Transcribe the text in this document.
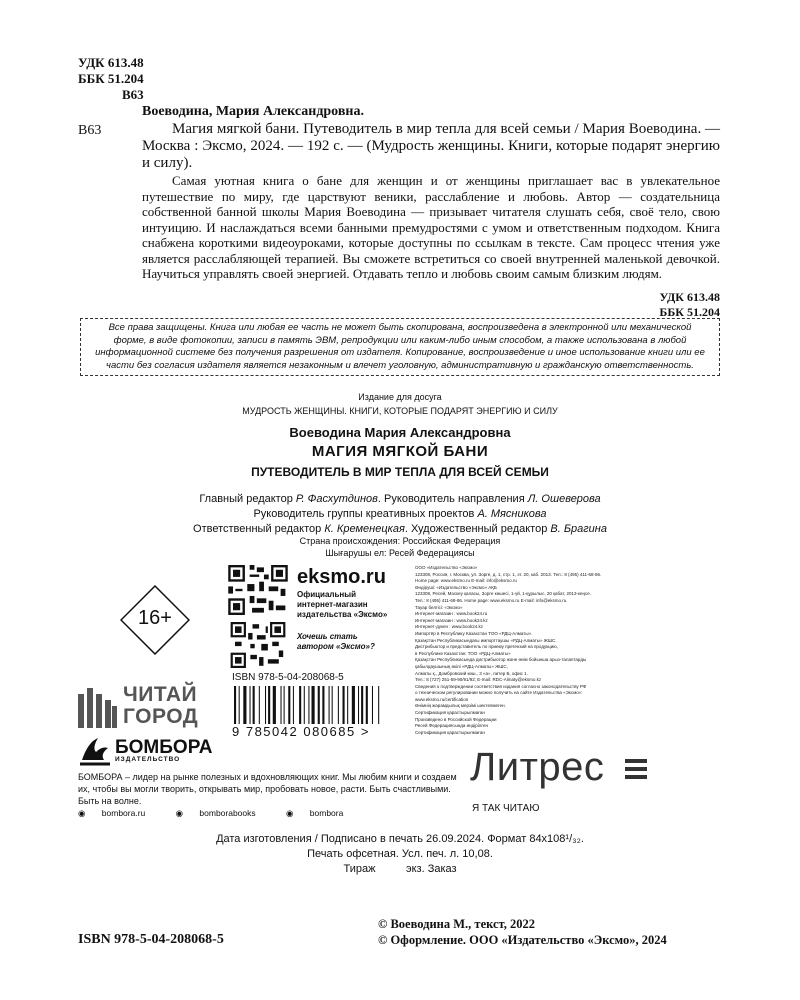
УДК 613.48
ББК 51.204
В63
Воеводина, Мария Александровна.
В63	Магия мягкой бани. Путеводитель в мир тепла для всей семьи / Мария Воеводина. — Москва : Эксмо, 2024. — 192 с. — (Мудрость женщины. Книги, которые подарят энергию и силу).

Самая уютная книга о бане для женщин и от женщины приглашает вас в увлекательное путешествие по миру, где царствуют веники, расслабление и любовь. Автор — создательница собственной банной школы Мария Воеводина — призывает читателя слушать себя, своё тело, свою интуицию. И наслаждаться всеми банными премудростями с умом и ответственным подходом. Книга снабжена короткими видеоуроками, которые доступны по ссылкам в тексте. Сам процесс чтения уже является расслабляющей терапией. Вы сможете встретиться со своей внутренней маленькой девочкой. Научиться управлять своей энергией. Отдавать тепло и любовь своим самым близким людям.

УДК 613.48
ББК 51.204
Все права защищены. Книга или любая ее часть не может быть скопирована, воспроизведена в электронной или механической форме, в виде фотокопии, записи в память ЭВМ, репродукции или каким-либо иным способом, а также использована в любой информационной системе без получения разрешения от издателя. Копирование, воспроизведение и иное использование книги или ее части без согласия издателя является незаконным и влечет уголовную, административную и гражданскую ответственность.
Издание для досуга
МУДРОСТЬ ЖЕНЩИНЫ. КНИГИ, КОТОРЫЕ ПОДАРЯТ ЭНЕРГИЮ И СИЛУ
Воеводина Мария Александровна
МАГИЯ МЯГКОЙ БАНИ
ПУТЕВОДИТЕЛЬ В МИР ТЕПЛА ДЛЯ ВСЕЙ СЕМЬИ
Главный редактор Р. Фасхутдинов. Руководитель направления Л. Ошеверова
Руководитель группы креативных проектов А. Мясникова
Ответственный редактор К. Кременецкая. Художественный редактор В. Брагина
Страна происхождения: Российская Федерация
Шығарушы ел: Ресей Федерациясы
16+
eksmo.ru
Официальный
интернет-магазин
издательства «Эксмо»
Хочешь стать
автором «Эксмо»?
ООО «Издательство «Эксмо»
123308, Россия, г. Москва, ул. Зорге, д. 1, стр. 1, эт. 20, каб. 2013. Тел.: 8 (495) 411-68-86.
Home page: www.eksmo.ru E-mail: info@eksmo.ru
Өндіруші: «Издательство «Эксмо» АҚБ
123308, Ресей, Мәскеу қаласы, Зорге көшесі, 1-үй, 1-құрылыс, 20 қабат, 2013-кеңсе.
Тел.: 8 (495) 411-68-86. Home page: www.eksmo.ru E-mail: info@eksmo.ru.
Тауар белгісі: «Эксмо»
Интернет-магазин : www.book24.ru
Интернет-магазин : www.book24.kz
Интернет-дүкен : www.book24.kz
Импортёр в Республику Казахстан ТОО «РДЦ-Алматы».
Қазақстан Республикасындағы импорттаушы «РДЦ-Алматы» ЖШС.
Дистрибьютор и представитель по приему претензий на продукцию,
в Республике Казахстан: ТОО «РДЦ-Алматы»
Қазақстан Республикасында дистрибьютор және өнім бойынша арыз-талаптарды
қабылдаушының өкілі «РДЦ-Алматы» ЖШС,
Алматы қ., Домбровский көш., 3 «а», литер Б, офис 1.
Тел.: 8 (727) 251-59-90/91/92; E-mail: RDC-Almaty@eksmo.kz
Сведения о подтверждении соответствия издания согласно законодательству РФ
о техническом регулировании можно получить на сайте Издательства «Эксмо»:
www.eksmo.ru/certification
Өнімнің жарамдылық мерзімі шектелмеген.
Сертификация қарастырылмаған
Произведено в Российской Федерации
Ресей Федерациясында өндірілген
Сертификация қарастырылмаған
ISBN 978-5-04-208068-5
9 785042 080685 >
ЧИТАЙ
ГОРОД
БОМБОРА
ИЗДАТЕЛЬСТВО
БОМБОРА – лидер на рынке полезных и вдохновляющих книг. Мы любим книги и создаем их, чтобы вы могли творить, открывать мир, пробовать новое, расти. Быть счастливыми. Быть на волне.
◉ bombora.ru	◉ bomborabooks	◉ bombora
Литрес
Я ТАК ЧИТАЮ
Дата изготовления / Подписано в печать 26.09.2024. Формат 84x108¹/₃₂.
Печать офсетная. Усл. печ. л. 10,08.
Тираж          экз. Заказ
© Воеводина М., текст, 2022
© Оформление. ООО «Издательство «Эксмо», 2024
ISBN 978-5-04-208068-5
